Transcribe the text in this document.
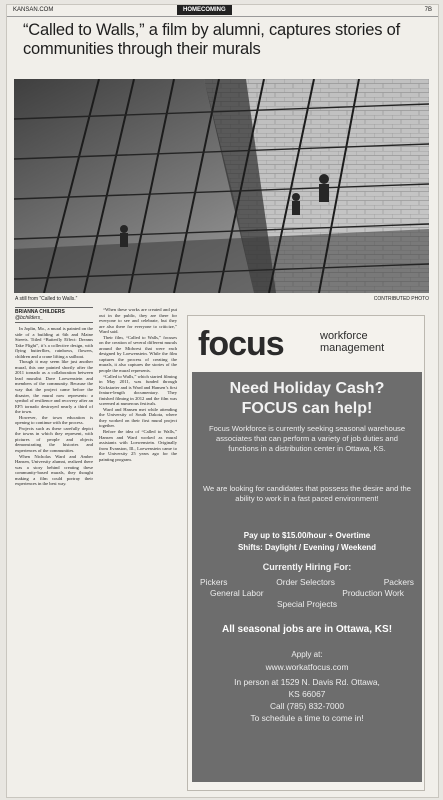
KANSAN.COM	HOMECOMING	7B
“Called to Walls,” a film by alumni, captures stories of communities through their murals
A still from “Called to Walls.”	CONTRIBUTED PHOTO
BRIANNA CHILDERS
@bchilders_

In Joplin, Mo., a mural is painted on the side of a building at 6th and Maine Streets. Titled “Butterfly Effect: Dreams Take Flight”, it’s a collective design, with flying butterflies, rainbows, flowers, children and a crane lifting a sailboat.

Though it may seem like just another mural, this one painted shortly after the 2011 tornado as a collaboration between lead muralist Dave Loewenstein and members of the community. Because the way that the project came before the disaster, the mural now represents: a symbol of resilience and recovery after an EF5 tornado destroyed nearly a third of the town.

However, the town education is opening to continue with the process.

Projects such as these carefully depict the towns in which they represent, with pictures of people and objects demonstrating the histories and experiences of the communities.

When Nicholas Ward and Amber Hansen, University alumni, realized there was a story behind creating these community-based murals, they thought making a film could portray their experiences in the best way.

“When these works are created and put out in the public, they are there for everyone to see and celebrate, but they are also there for everyone to criticize,” Ward said.

Their film, “Called to Walls,” focuses on the creation of several different murals around the Midwest that were each designed by Loewenstein. While the film captures the process of creating the murals, it also captures the stories of the people the mural represents.

“Called to Walls,” which started filming in May 2011, was funded through Kickstarter and is Ward and Hansen’s first feature-length documentary. They finished filming in 2012 and the film was screened at numerous festivals.

Ward and Hansen met while attending the University of South Dakota, where they worked on their first mural project together.

Before the idea of “Called to Walls,” Hansen and Ward worked as mural assistants with Loewenstein. Originally from Evanston, Ill., Loewenstein came to the University 25 years ago for the painting program.

focus	workforce
management
Need Holiday Cash?
FOCUS can help!
Focus Workforce is currently seeking seasonal warehouse associates that can perform a variety of job duties and functions in a distribution center in Ottawa, KS.
We are looking for candidates that possess the desire and the ability to work in a fast paced environment!
Pay up to $15.00/hour + Overtime
Shifts: Daylight / Evening / Weekend
Currently Hiring For:
Pickers	Order Selectors	Packers
General Labor	Production Work
Special Projects
All seasonal jobs are in Ottawa, KS!
Apply at:
www.workatfocus.com
In person at 1529 N. Davis Rd. Ottawa,
KS 66067
Call (785) 832-7000
To schedule a time to come in!
